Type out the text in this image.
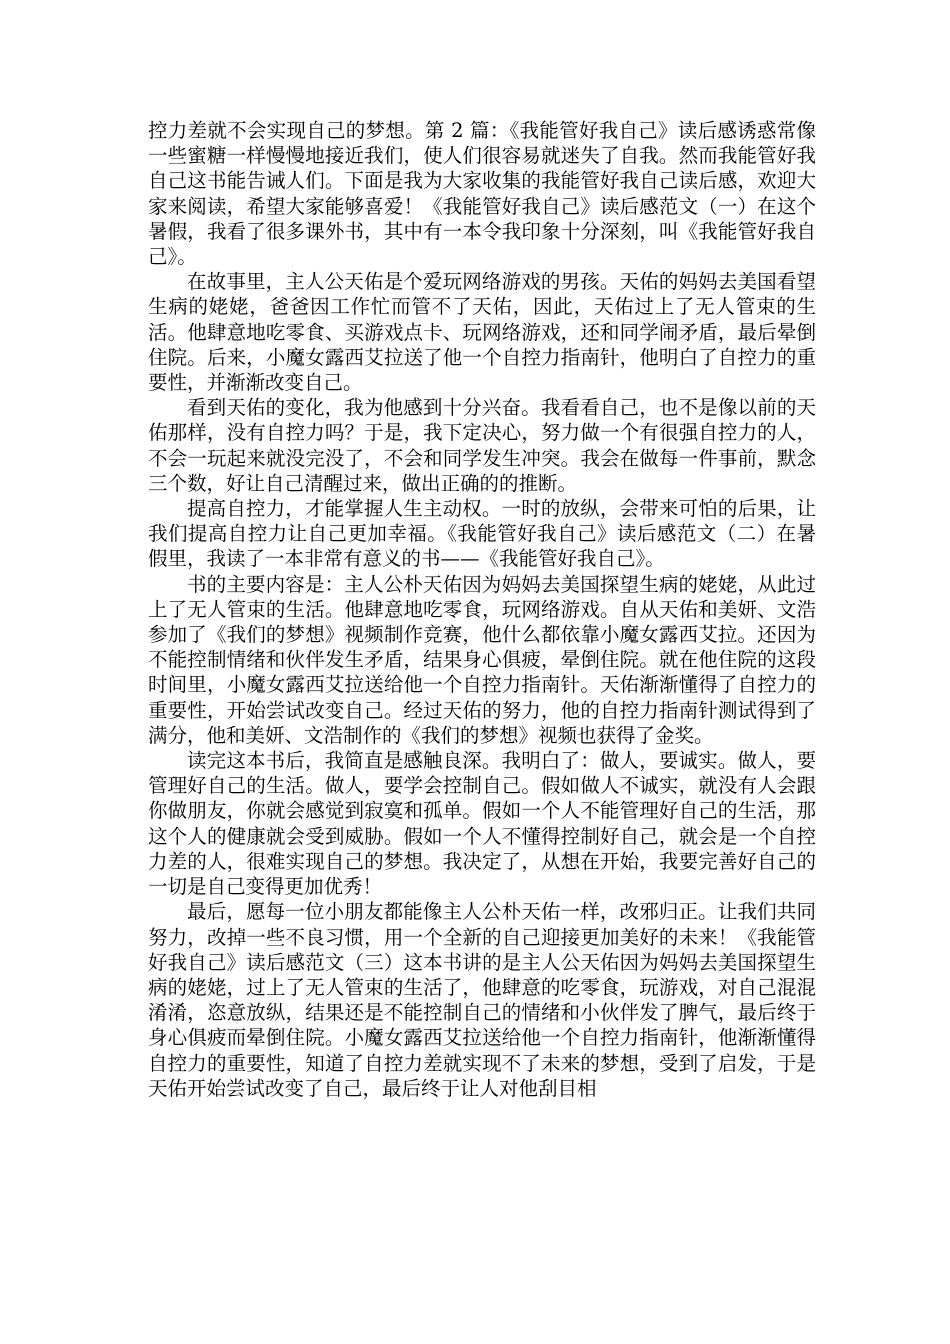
控力差就不会实现自己的梦想。第 2 篇：《我能管好我自己》读后感诱惑常像一些蜜糖一样慢慢地接近我们，使人们很容易就迷失了自我。然而我能管好我自己这书能告诫人们。下面是我为大家收集的我能管好我自己读后感，欢迎大家来阅读，希望大家能够喜爱！《我能管好我自己》读后感范文（一）在这个暑假，我看了很多课外书，其中有一本令我印象十分深刻，叫《我能管好我自己》。

在故事里，主人公天佑是个爱玩网络游戏的男孩。天佑的妈妈去美国看望生病的姥姥，爸爸因工作忙而管不了天佑，因此，天佑过上了无人管束的生活。他肆意地吃零食、买游戏点卡、玩网络游戏，还和同学闹矛盾，最后晕倒住院。后来，小魔女露西艾拉送了他一个自控力指南针，他明白了自控力的重要性，并渐渐改变自己。

看到天佑的变化，我为他感到十分兴奋。我看看自己，也不是像以前的天佑那样，没有自控力吗？于是，我下定决心，努力做一个有很强自控力的人，不会一玩起来就没完没了，不会和同学发生冲突。我会在做每一件事前，默念三个数，好让自己清醒过来，做出正确的的推断。

提高自控力，才能掌握人生主动权。一时的放纵，会带来可怕的后果，让我们提高自控力让自己更加幸福。《我能管好我自己》读后感范文（二）在暑假里，我读了一本非常有意义的书——《我能管好我自己》。

书的主要内容是：主人公朴天佑因为妈妈去美国探望生病的姥姥，从此过上了无人管束的生活。他肆意地吃零食，玩网络游戏。自从天佑和美妍、文浩参加了《我们的梦想》视频制作竞赛，他什么都依靠小魔女露西艾拉。还因为不能控制情绪和伙伴发生矛盾，结果身心俱疲，晕倒住院。就在他住院的这段时间里，小魔女露西艾拉送给他一个自控力指南针。天佑渐渐懂得了自控力的重要性，开始尝试改变自己。经过天佑的努力，他的自控力指南针测试得到了满分，他和美妍、文浩制作的《我们的梦想》视频也获得了金奖。

读完这本书后，我简直是感触良深。我明白了：做人，要诚实。做人，要管理好自己的生活。做人，要学会控制自己。假如做人不诚实，就没有人会跟你做朋友，你就会感觉到寂寞和孤单。假如一个人不能管理好自己的生活，那这个人的健康就会受到威胁。假如一个人不懂得控制好自己，就会是一个自控力差的人，很难实现自己的梦想。我决定了，从想在开始，我要完善好自己的一切是自己变得更加优秀！

最后，愿每一位小朋友都能像主人公朴天佑一样，改邪归正。让我们共同努力，改掉一些不良习惯，用一个全新的自己迎接更加美好的未来！《我能管好我自己》读后感范文（三）这本书讲的是主人公天佑因为妈妈去美国探望生病的姥姥，过上了无人管束的生活了，他肆意的吃零食，玩游戏，对自己混混淆淆，恣意放纵，结果还是不能控制自己的情绪和小伙伴发了脾气，最后终于身心俱疲而晕倒住院。小魔女露西艾拉送给他一个自控力指南针，他渐渐懂得自控力的重要性，知道了自控力差就实现不了未来的梦想，受到了启发，于是天佑开始尝试改变了自己，最后终于让人对他刮目相
